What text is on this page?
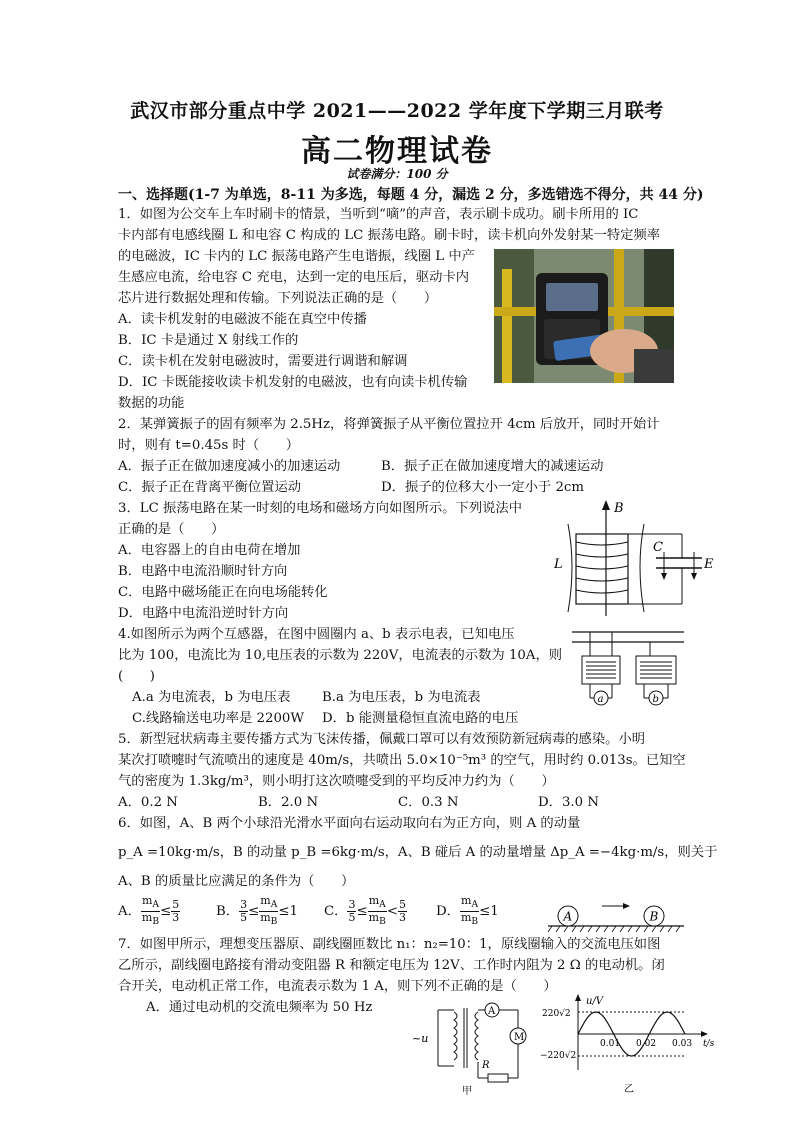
武汉市部分重点中学 2021——2022 学年度下学期三月联考
高二物理试卷
试卷满分：100 分
一、选择题(1-7 为单选，8-11 为多选，每题 4 分，漏选 2 分，多选错选不得分，共 44 分)
1．如图为公交车上车时刷卡的情景，当听到“嘀”的声音，表示刷卡成功。刷卡所用的 IC
卡内部有电感线圈 L 和电容 C 构成的 LC 振荡电路。刷卡时，读卡机向外发射某一特定频率
的电磁波，IC 卡内的 LC 振荡电路产生电谐振，线圈 L 中产
生感应电流，给电容 C 充电，达到一定的电压后，驱动卡内
芯片进行数据处理和传输。下列说法正确的是（　　）
A．读卡机发射的电磁波不能在真空中传播
B．IC 卡是通过 X 射线工作的
C．读卡机在发射电磁波时，需要进行调谐和解调
D．IC 卡既能接收读卡机发射的电磁波，也有向读卡机传输
数据的功能
2．某弹簧振子的固有频率为 2.5Hz，将弹簧振子从平衡位置拉开 4cm 后放开，同时开始计
时，则有 t=0.45s 时（　　）
A．振子正在做加速度减小的加速运动	B．振子正在做加速度增大的减速运动
C．振子正在背离平衡位置运动	D．振子的位移大小一定小于 2cm
3．LC 振荡电路在某一时刻的电场和磁场方向如图所示。下列说法中
正确的是（　　）
A．电容器上的自由电荷在增加
B．电路中电流沿顺时针方向
C．电路中磁场能正在向电场能转化
D．电路中电流沿逆时针方向
B
C
E
L
4.如图所示为两个互感器，在图中圆圈内 a、b 表示电表，已知电压
比为 100，电流比为 10,电压表的示数为 220V，电流表的示数为 10A，则
(　　)
A.a 为电流表，b 为电压表 B.a 为电压表，b 为电流表
C.线路输送电功率是 2200W D．b 能测量稳恒直流电路的电压
a	b
5．新型冠状病毒主要传播方式为飞沫传播，佩戴口罩可以有效预防新冠病毒的感染。小明
某次打喷嚏时气流喷出的速度是 40m/s，共喷出 5.0×10⁻⁵m³ 的空气，用时约 0.013s。已知空
气的密度为 1.3kg/m³，则小明打这次喷嚏受到的平均反冲力约为（　　）
A．0.2 N	B．2.0 N	C．0.3 N	D．3.0 N
6．如图，A、B 两个小球沿光滑水平面向右运动取向右为正方向，则 A 的动量
p_A =10kg·m/s，B 的动量 p_B =6kg·m/s，A、B 碰后 A 的动量增量 Δp_A =−4kg·m/s，则关于
A、B 的质量比应满足的条件为（　　）
A． $\frac{m_A}{m_B} \le \frac{5}{3}$	B． $\frac{3}{5} \le \frac{m_A}{m_B} \le 1$ C． $\frac{3}{5} \le \frac{m_A}{m_B} < \frac{5}{3}$ D． $\frac{m_A}{m_B} \le 1$	A	B
7．如图甲所示，理想变压器原、副线圈匝数比 n₁：n₂=10：1，原线圈输入的交流电压如图
乙所示，副线圈电路接有滑动变阻器 R 和额定电压为 12V、工作时内阻为 2 Ω 的电动机。闭
合开关，电动机正常工作，电流表示数为 1 A，则下列不正确的是（　　）
A．通过电动机的交流电频率为 50 Hz
~u
A
M
R
甲
u/V
220√2
−220√2
0.01 0.02 0.03 t/s
乙
